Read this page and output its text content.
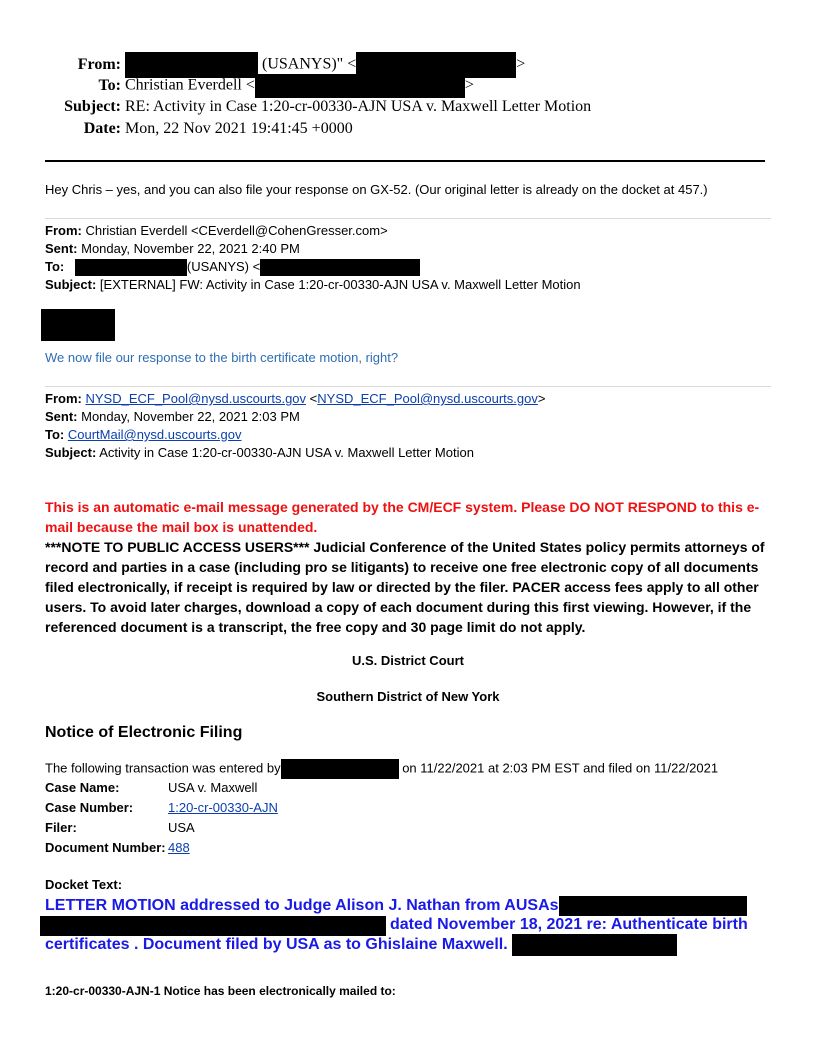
From:	(USANYS)" <	>
To: Christian Everdell <	>
Subject: RE: Activity in Case 1:20-cr-00330-AJN USA v. Maxwell Letter Motion
Date: Mon, 22 Nov 2021 19:41:45 +0000
Hey Chris – yes, and you can also file your response on GX-52. (Our original letter is already on the docket at 457.)
From: Christian Everdell <CEverdell@CohenGresser.com>
Sent: Monday, November 22, 2021 2:40 PM
To:	(USANYS) <
Subject: [EXTERNAL] FW: Activity in Case 1:20-cr-00330-AJN USA v. Maxwell Letter Motion
We now file our response to the birth certificate motion, right?
From: NYSD_ECF_Pool@nysd.uscourts.gov <NYSD_ECF_Pool@nysd.uscourts.gov>
Sent: Monday, November 22, 2021 2:03 PM
To: CourtMail@nysd.uscourts.gov
Subject: Activity in Case 1:20-cr-00330-AJN USA v. Maxwell Letter Motion
This is an automatic e-mail message generated by the CM/ECF system. Please DO NOT RESPOND to this e-
mail because the mail box is unattended.
***NOTE TO PUBLIC ACCESS USERS*** Judicial Conference of the United States policy permits attorneys of
record and parties in a case (including pro se litigants) to receive one free electronic copy of all documents
filed electronically, if receipt is required by law or directed by the filer. PACER access fees apply to all other
users. To avoid later charges, download a copy of each document during this first viewing. However, if the
referenced document is a transcript, the free copy and 30 page limit do not apply.
U.S. District Court
Southern District of New York
Notice of Electronic Filing
The following transaction was entered by	on 11/22/2021 at 2:03 PM EST and filed on 11/22/2021
Case Name:	USA v. Maxwell
Case Number:	1:20-cr-00330-AJN
Filer:	USA
Document Number: 488
Docket Text:
LETTER MOTION addressed to Judge Alison J. Nathan from AUSAs
dated November 18, 2021 re: Authenticate birth
certificates . Document filed by USA as to Ghislaine Maxwell.
1:20-cr-00330-AJN-1 Notice has been electronically mailed to:
